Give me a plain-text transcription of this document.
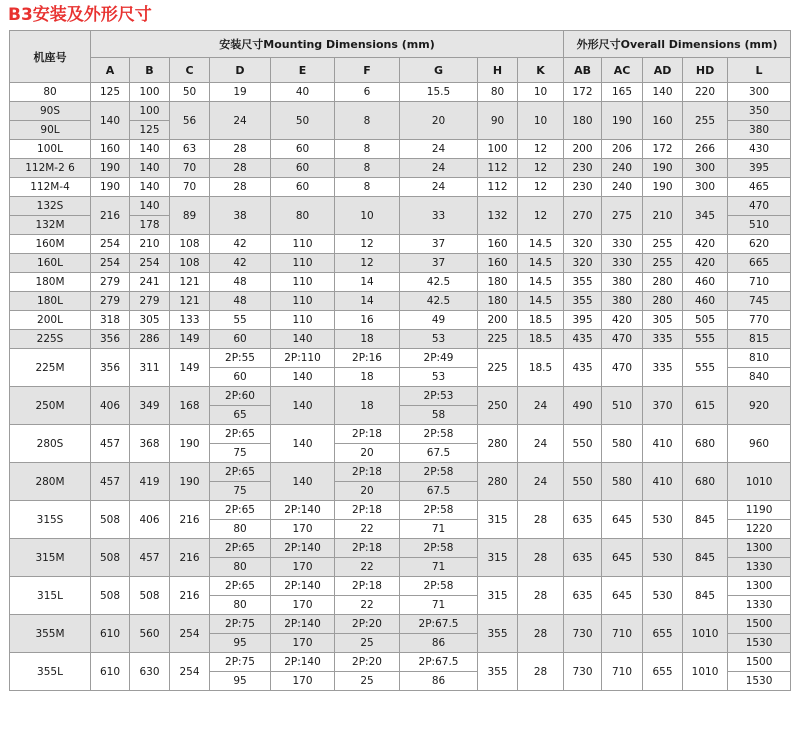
B3安装及外形尺寸
机座号	安装尺寸Mounting Dimensions (mm)									外形尺寸Overall Dimensions (mm)				
	A	B	C	D	E	F	G	H	K	AB	AC	AD	HD	L
80	125	100	50	19	40	6	15.5	80	10	172	165	140	220	300
90S	140	100	56	24	50	8	20	90	10	180	190	160	255	350
90L		125												380
100L	160	140	63	28	60	8	24	100	12	200	206	172	266	430
112M-2 6	190	140	70	28	60	8	24	112	12	230	240	190	300	395
112M-4	190	140	70	28	60	8	24	112	12	230	240	190	300	465
132S	216	140	89	38	80	10	33	132	12	270	275	210	345	470
132M		178												510
160M	254	210	108	42	110	12	37	160	14.5	320	330	255	420	620
160L	254	254	108	42	110	12	37	160	14.5	320	330	255	420	665
180M	279	241	121	48	110	14	42.5	180	14.5	355	380	280	460	710
180L	279	279	121	48	110	14	42.5	180	14.5	355	380	280	460	745
200L	318	305	133	55	110	16	49	200	18.5	395	420	305	505	770
225S	356	286	149	60	140	18	53	225	18.5	435	470	335	555	815
225M	356	311	149	2P:55	2P:110	2P:16	2P:49	225	18.5	435	470	335	555	810
				60	140	18	53							840
250M	406	349	168	2P:60	140	18	2P:53	250	24	490	510	370	615	920
				65			58							
280S	457	368	190	2P:65	140	2P:18	2P:58	280	24	550	580	410	680	960
				75		20	67.5							
280M	457	419	190	2P:65	140	2P:18	2P:58	280	24	550	580	410	680	1010
				75		20	67.5							
315S	508	406	216	2P:65	2P:140	2P:18	2P:58	315	28	635	645	530	845	1190
				80	170	22	71							1220
315M	508	457	216	2P:65	2P:140	2P:18	2P:58	315	28	635	645	530	845	1300
				80	170	22	71							1330
315L	508	508	216	2P:65	2P:140	2P:18	2P:58	315	28	635	645	530	845	1300
				80	170	22	71							1330
355M	610	560	254	2P:75	2P:140	2P:20	2P:67.5	355	28	730	710	655	1010	1500
				95	170	25	86							1530
355L	610	630	254	2P:75	2P:140	2P:20	2P:67.5	355	28	730	710	655	1010	1500
				95	170	25	86							1530
